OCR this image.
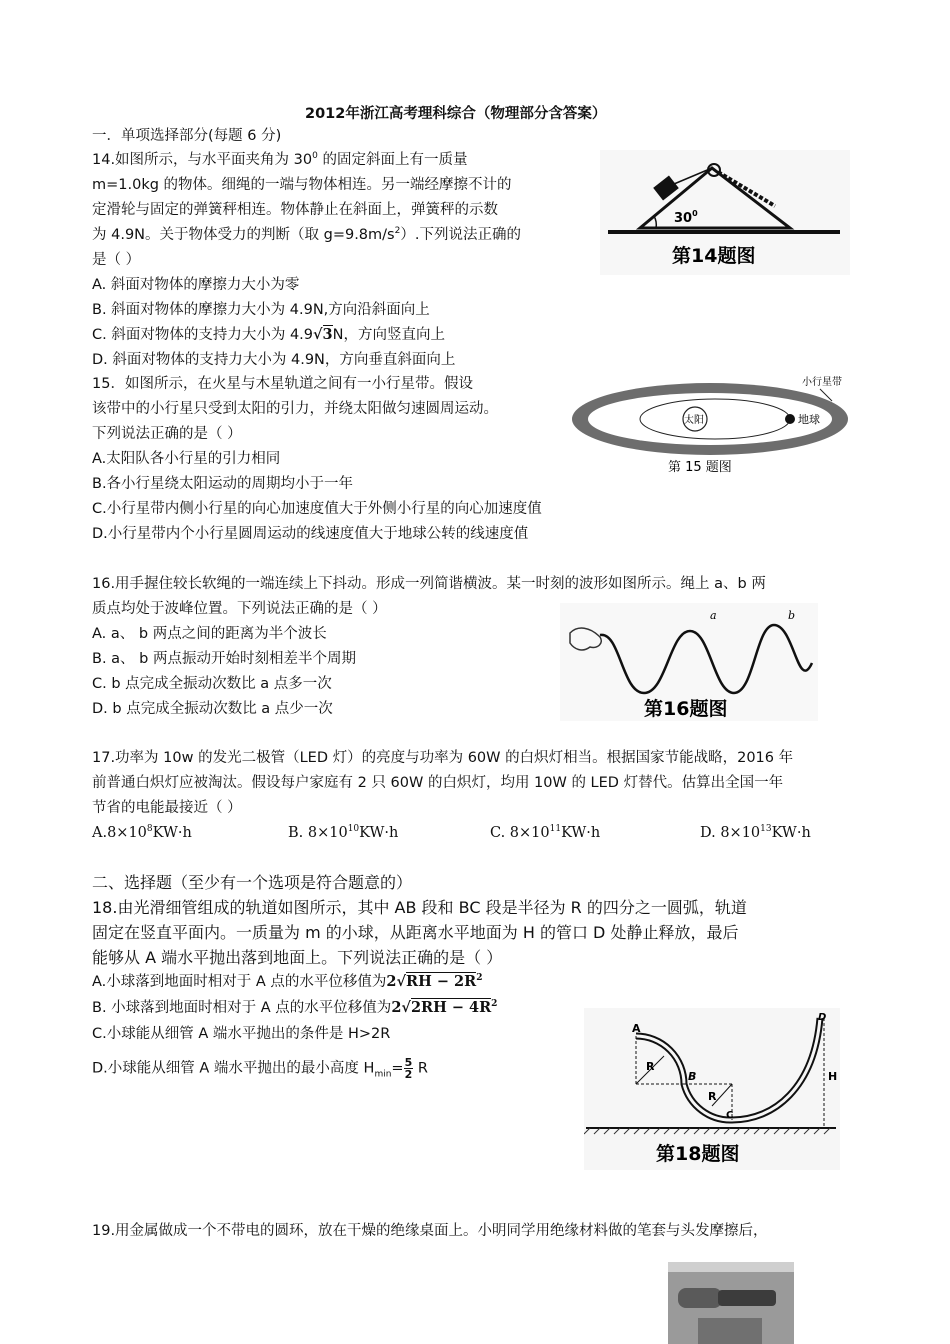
2012年浙江高考理科综合（物理部分含答案）
一．单项选择部分(每题 6 分)
14.如图所示，与水平面夹角为 $30^0$ 的固定斜面上有一质量
m=1.0kg 的物体。细绳的一端与物体相连。另一端经摩擦不计的
定滑轮与固定的弹簧秤相连。物体静止在斜面上，弹簧秤的示数
为 4.9N。关于物体受力的判断（取 $g=9.8m/s^2$）.下列说法正确的
是（ ）
A. 斜面对物体的摩擦力大小为零
B. 斜面对物体的摩擦力大小为 4.9N,方向沿斜面向上
C. 斜面对物体的支持力大小为 4.9√3N，方向竖直向上
D. 斜面对物体的支持力大小为 4.9N，方向垂直斜面向上
$30^0$
第14题图
15．如图所示，在火星与木星轨道之间有一小行星带。假设
该带中的小行星只受到太阳的引力，并绕太阳做匀速圆周运动。
下列说法正确的是（ ）
A.太阳队各小行星的引力相同
B.各小行星绕太阳运动的周期均小于一年
C.小行星带内侧小行星的向心加速度值大于外侧小行星的向心加速度值
D.小行星带内个小行星圆周运动的线速度值大于地球公转的线速度值
太阳	地球
小行星带
第 15 题图
16.用手握住较长软绳的一端连续上下抖动。形成一列简谐横波。某一时刻的波形如图所示。绳上 a、b 两
质点均处于波峰位置。下列说法正确的是（ ）
A. a、 b 两点之间的距离为半个波长
B. a、 b 两点振动开始时刻相差半个周期
C. b 点完成全振动次数比 a 点多一次
D. b 点完成全振动次数比 a 点少一次
a	b
第16题图
17.功率为 10w 的发光二极管（LED 灯）的亮度与功率为 60W 的白炽灯相当。根据国家节能战略，2016 年
前普通白炽灯应被淘汰。假设每户家庭有 2 只 60W 的白炽灯，均用 10W 的 LED 灯替代。估算出全国一年
节省的电能最接近（ ）
$A.8\times 10^8KW\cdot h$	B. $8\times 10^{10}KW\cdot h$	C. $8\times 10^{11}KW\cdot h$	D. $8\times 10^{13}KW\cdot h$
二、选择题（至少有一个选项是符合题意的）
18.由光滑细管组成的轨道如图所示，其中 AB 段和 BC 段是半径为 R 的四分之一圆弧，轨道
固定在竖直平面内。一质量为 m 的小球，从距离水平地面为 H 的管口 D 处静止释放，最后
能够从 A 端水平抛出落到地面上。下列说法正确的是（ ）
A.小球落到地面时相对于 A 点的水平位移值为$2√RH - 2R^2$
B. 小球落到地面时相对于 A 点的水平位移值为$2√2RH - 4R^2$
C.小球能从细管 A 端水平抛出的条件是 H>2R
D.小球能从细管 A 端水平抛出的最小高度 $H_{min}= \frac{5}{2}$ R
A
B
C
D
R
R
H
第18题图
19.用金属做成一个不带电的圆环，放在干燥的绝缘桌面上。小明同学用绝缘材料做的笔套与头发摩擦后，
